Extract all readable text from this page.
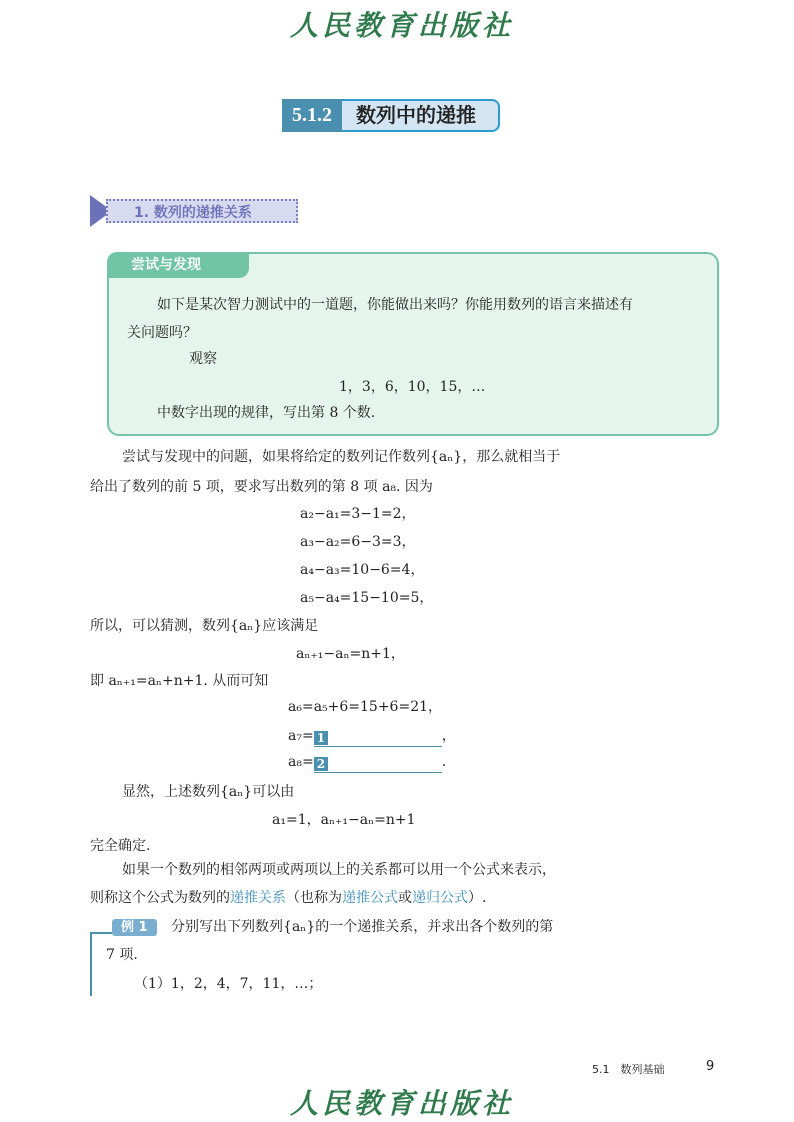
人民教育出版社
5.1.2	数列中的递推
1. 数列的递推关系
尝试与发现
如下是某次智力测试中的一道题，你能做出来吗？你能用数列的语言来描述有
关问题吗？
观察
1，3，6，10，15，…
中数字出现的规律，写出第 8 个数.
尝试与发现中的问题，如果将给定的数列记作数列{aₙ}，那么就相当于
给出了数列的前 5 项，要求写出数列的第 8 项 a₈. 因为
a₂−a₁=3−1=2，
a₃−a₂=6−3=3，
a₄−a₃=10−6=4，
a₅−a₄=15−10=5，
所以，可以猜测，数列{aₙ}应该满足
aₙ₊₁−aₙ=n+1，
即 aₙ₊₁=aₙ+n+1. 从而可知
a₆=a₅+6=15+6=21，
a₇= 1	，
a₈= 2	.
显然，上述数列{aₙ}可以由
a₁=1，aₙ₊₁−aₙ=n+1
完全确定.
如果一个数列的相邻两项或两项以上的关系都可以用一个公式来表示，
则称这个公式为数列的递推关系（也称为递推公式或递归公式）.
例 1 分别写出下列数列{aₙ}的一个递推关系，并求出各个数列的第
7 项.
（1）1，2，4，7，11，…；
5.1　数列基础	9
人民教育出版社
